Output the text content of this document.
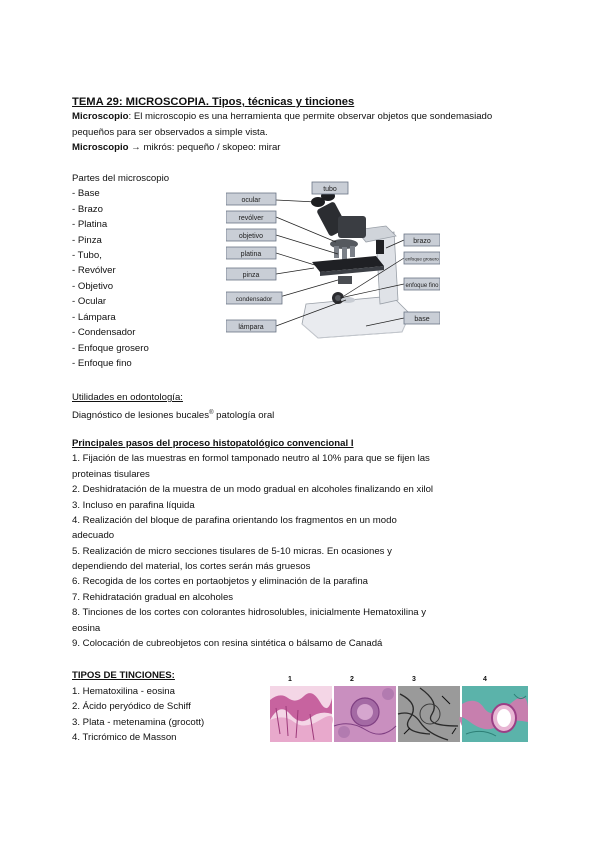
TEMA 29: MICROSCOPIA. Tipos, técnicas y tinciones
Microscopio: El microscopio es una herramienta que permite observar objetos que sondemasiado
pequeños para ser observados a simple vista.
Microscopio → mikrós: pequeño / skopeo: mirar
Partes del microscopio
- Base
- Brazo
- Platina
- Pinza
- Tubo,
- Revólver
- Objetivo
- Ocular
- Lámpara
- Condensador
- Enfoque grosero
- Enfoque fino
ocular
revólver
objetivo
platina
pinza
condensador
lámpara
tubo
brazo
enfoque grosero
enfoque fino
base
Utilidades en odontología:
Diagnóstico de lesiones bucales® patología oral
Principales pasos del proceso histopatológico convencional I
1. Fijación de las muestras en formol tamponado neutro al 10% para que se fijen las
proteinas tisulares
2. Deshidratación de la muestra de un modo gradual en alcoholes finalizando en xilol
3. Incluso en parafina líquida
4. Realización del bloque de parafina orientando los fragmentos en un modo
adecuado
5. Realización de micro secciones tisulares de 5-10 micras. En ocasiones y
dependiendo del material, los cortes serán más gruesos
6. Recogida de los cortes en portaobjetos y eliminación de la parafina
7. Rehidratación gradual en alcoholes
8. Tinciones de los cortes con colorantes hidrosolubles, inicialmente Hematoxilina y
eosina
9. Colocación de cubreobjetos con resina sintética o bálsamo de Canadá
TIPOS DE TINCIONES:
1. Hematoxilina - eosina
2. Ácido peryódico de Schiff
3. Plata - metenamina (grocott)
4. Tricrómico de Masson
1	2	3	4
